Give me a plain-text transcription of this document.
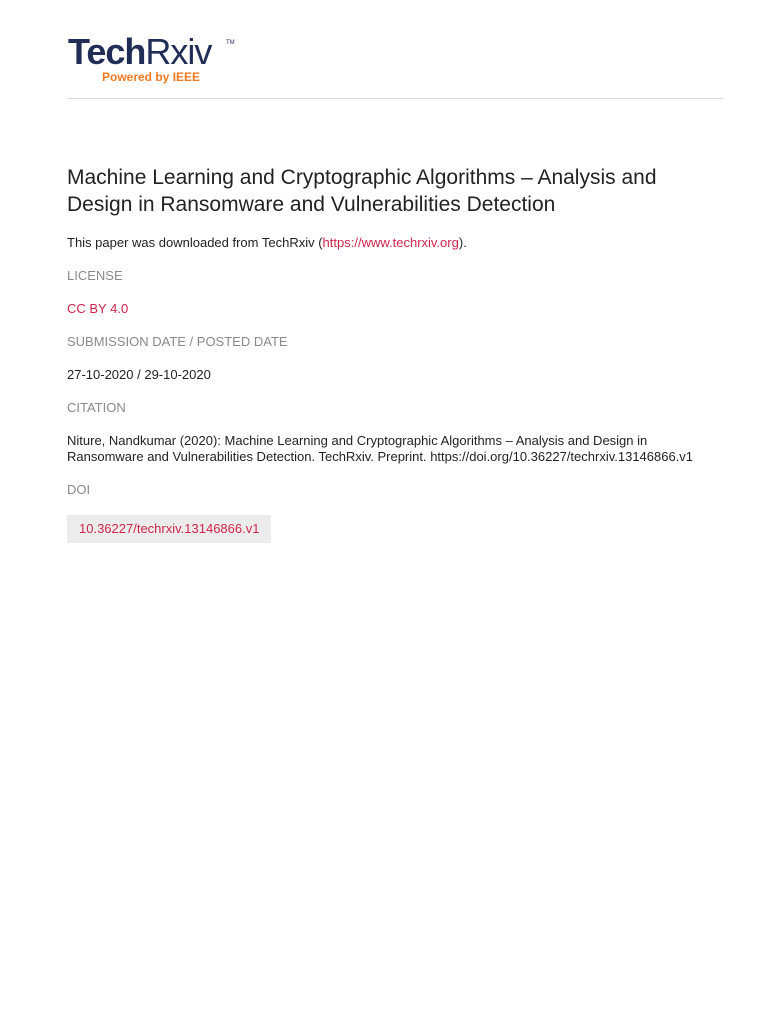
TechRxiv TM
Powered by IEEE
Machine Learning and Cryptographic Algorithms – Analysis and Design in Ransomware and Vulnerabilities Detection
This paper was downloaded from TechRxiv (https://www.techrxiv.org).
LICENSE
CC BY 4.0
SUBMISSION DATE / POSTED DATE
27-10-2020 / 29-10-2020
CITATION
Niture, Nandkumar (2020): Machine Learning and Cryptographic Algorithms – Analysis and Design in
Ransomware and Vulnerabilities Detection. TechRxiv. Preprint. https://doi.org/10.36227/techrxiv.13146866.v1
DOI
10.36227/techrxiv.13146866.v1
